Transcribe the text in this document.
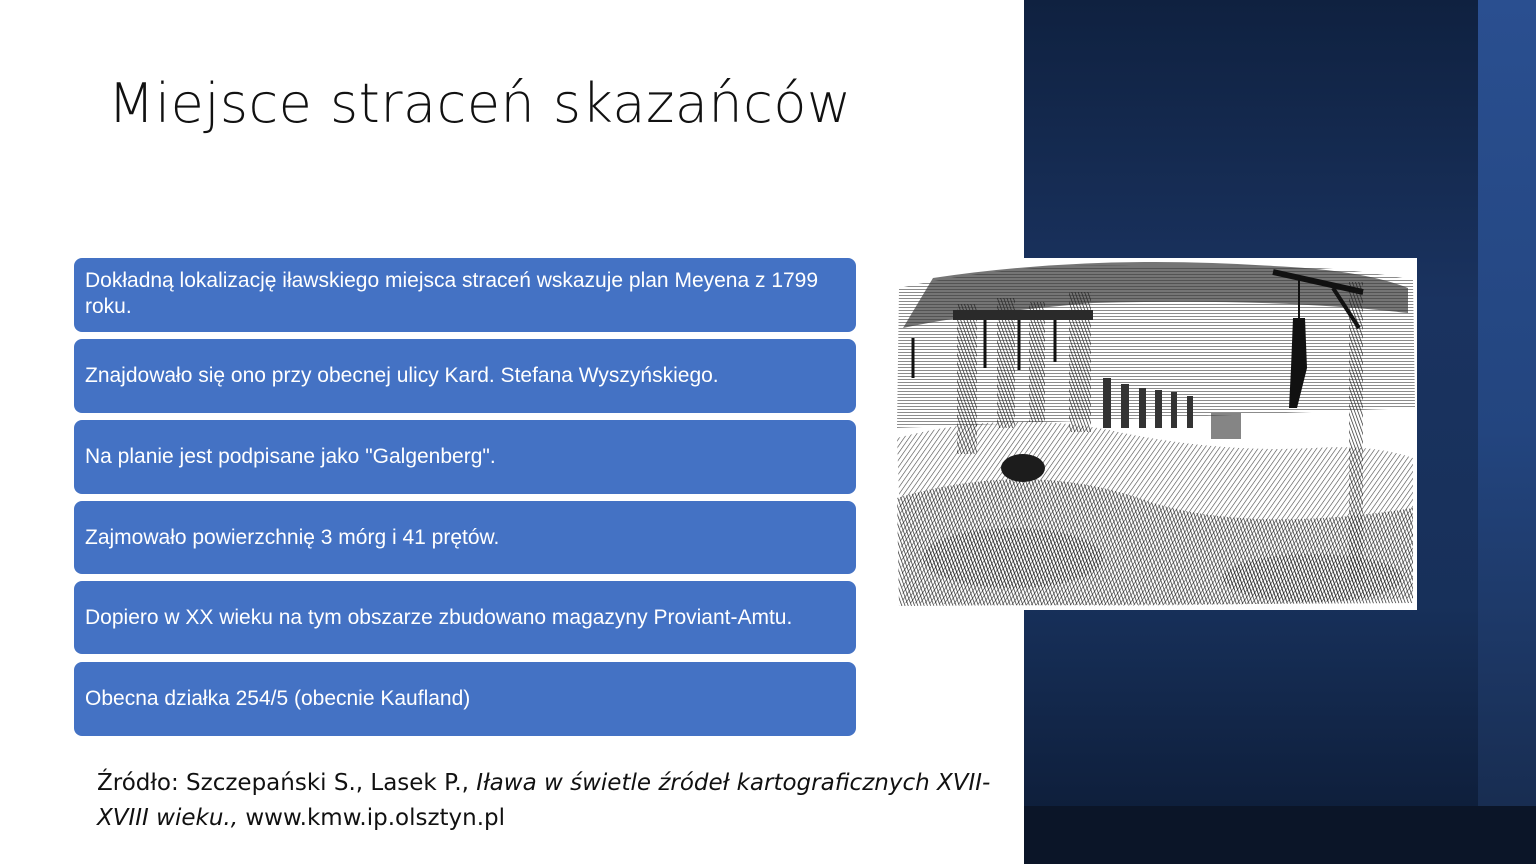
Miejsce straceń skazańców
Dokładną lokalizację iławskiego miejsca straceń wskazuje plan Meyena z 1799 roku.
Znajdowało się ono przy obecnej ulicy Kard. Stefana Wyszyńskiego.
Na planie jest podpisane jako "Galgenberg".
Zajmowało powierzchnię 3 mórg i 41 prętów.
Dopiero w XX wieku na tym obszarze zbudowano magazyny Proviant-Amtu.
Obecna działka 254/5 (obecnie Kaufland)
Źródło: Szczepański S., Lasek P., Iława w świetle źródeł kartograficznych XVII-XVIII wieku., www.kmw.ip.olsztyn.pl
